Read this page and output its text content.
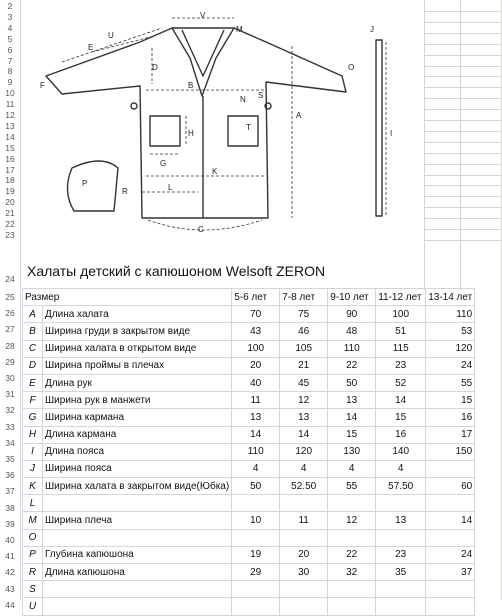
2
3
4
5
6
7
8
9
10
11
12
13
14
15
16
17
18
19
20
21
22
23
24
25
26
27
28
29
30
31
32
33
34
35
36
37
38
39
40
41
42
43
44
V
U
M
E
D	O
J
F	B
N S
A
I
H
T
G
K
P
R	L
C
Халаты детский с капюшоном Welsoft ZERON
Размер		5-6 лет	7-8 лет	9-10 лет	11-12 лет	13-14 лет
A	Длина халата	70	75	90	100	110
B	Ширина груди в закрытом виде	43	46	48	51	53
C	Ширина халата в открытом виде	100	105	110	115	120
D	Ширина проймы в плечах	20	21	22	23	24
E	Длина рук	40	45	50	52	55
F	Ширина рук в манжети	11	12	13	14	15
G	Ширина кармана	13	13	14	15	16
H	Длина кармана	14	14	15	16	17
I	Длина пояса	110	120	130	140	150
J	Ширина пояса	4	4	4	4	
K	Ширина халата в закрытом виде(Юбка)	50	52.50	55	57.50	60
L						
M	Ширина плеча	10	11	12	13	14
O						
P	Глубина капюшона	19	20	22	23	24
R	Длина капюшона	29	30	32	35	37
S						
U						
